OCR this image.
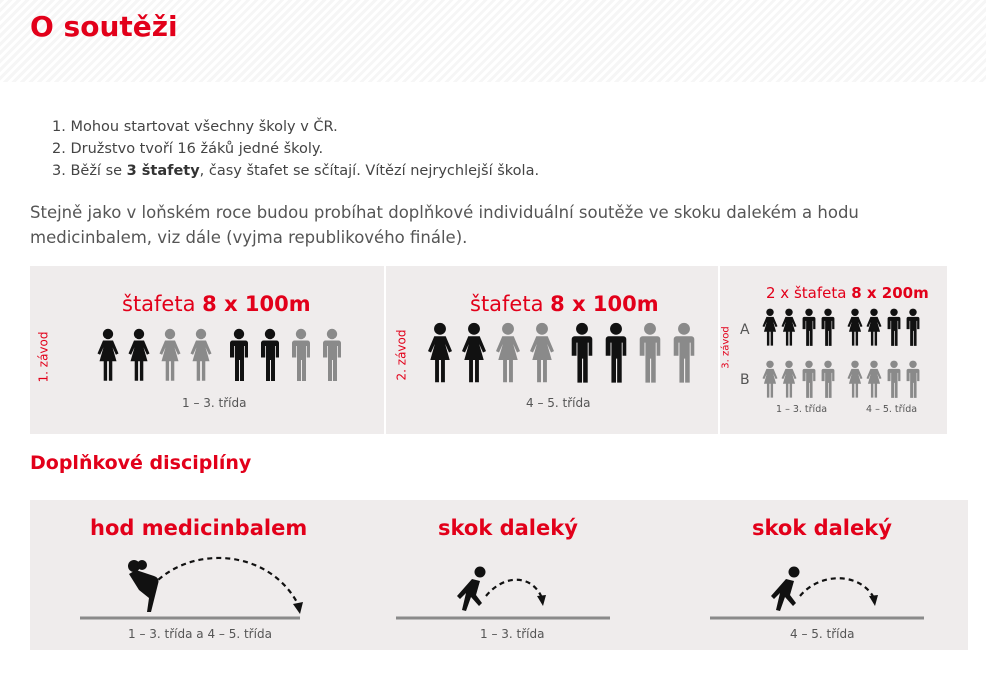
O soutěži
1. Mohou startovat všechny školy v ČR.
2. Družstvo tvoří 16 žáků jedné školy.
3. Běží se 3 štafety, časy štafet se sčítají. Vítězí nejrychlejší škola.

Stejně jako v loňském roce budou probíhat doplňkové individuální soutěže ve skoku dalekém a hodu medicinbalem, viz dále (vyjma republikového finále).

1. závod
štafeta 8 x 100m
1 – 3. třída
2. závod
štafeta 8 x 100m
4 – 5. třída
3. závod
2 x štafeta 8 x 200m
A
B
1 – 3. třída	4 – 5. třída
Doplňkové disciplíny
hod medicinbalem
1 – 3. třída a 4 – 5. třída
skok daleký
1 – 3. třída
skok daleký
4 – 5. třída
